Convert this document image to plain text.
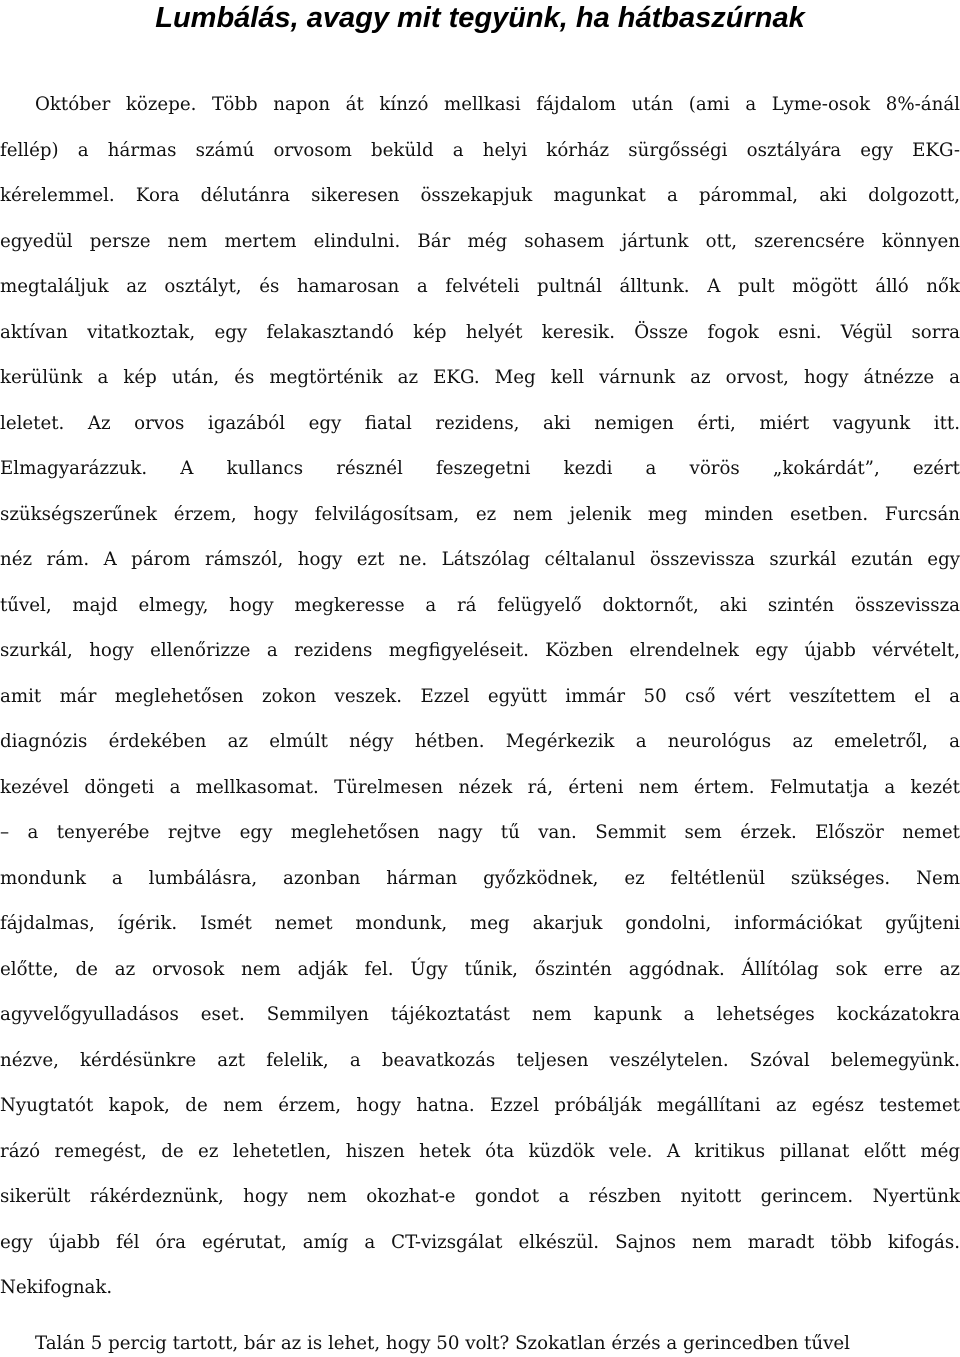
Lumbálás, avagy mit tegyünk, ha hátbaszúrnak
Október közepe. Több napon át kínzó mellkasi fájdalom után (ami a Lyme-osok 8%-ánál
fellép) a hármas számú orvosom beküld a helyi kórház sürgősségi osztályára egy EKG-
kérelemmel. Kora délutánra sikeresen összekapjuk magunkat a párommal, aki dolgozott,
egyedül persze nem mertem elindulni. Bár még sohasem jártunk ott, szerencsére könnyen
megtaláljuk az osztályt, és hamarosan a felvételi pultnál álltunk. A pult mögött álló nők
aktívan vitatkoztak, egy felakasztandó kép helyét keresik. Össze fogok esni. Végül sorra
kerülünk a kép után, és megtörténik az EKG. Meg kell várnunk az orvost, hogy átnézze a
leletet. Az orvos igazából egy fiatal rezidens, aki nemigen érti, miért vagyunk itt.
Elmagyarázzuk. A kullancs résznél feszegetni kezdi a vörös „kokárdát”, ezért
szükségszerűnek érzem, hogy felvilágosítsam, ez nem jelenik meg minden esetben. Furcsán
néz rám. A párom rámszól, hogy ezt ne. Látszólag céltalanul összevissza szurkál ezután egy
tűvel, majd elmegy, hogy megkeresse a rá felügyelő doktornőt, aki szintén összevissza
szurkál, hogy ellenőrizze a rezidens megfigyeléseit. Közben elrendelnek egy újabb vérvételt,
amit már meglehetősen zokon veszek. Ezzel együtt immár 50 cső vért veszítettem el a
diagnózis érdekében az elmúlt négy hétben. Megérkezik a neurológus az emeletről, a
kezével döngeti a mellkasomat. Türelmesen nézek rá, érteni nem értem. Felmutatja a kezét
– a tenyerébe rejtve egy meglehetősen nagy tű van. Semmit sem érzek. Először nemet
mondunk a lumbálásra, azonban hárman győzködnek, ez feltétlenül szükséges. Nem
fájdalmas, ígérik. Ismét nemet mondunk, meg akarjuk gondolni, információkat gyűjteni
előtte, de az orvosok nem adják fel. Úgy tűnik, őszintén aggódnak. Állítólag sok erre az
agyvelőgyulladásos eset. Semmilyen tájékoztatást nem kapunk a lehetséges kockázatokra
nézve, kérdésünkre azt felelik, a beavatkozás teljesen veszélytelen. Szóval belemegyünk.
Nyugtatót kapok, de nem érzem, hogy hatna. Ezzel próbálják megállítani az egész testemet
rázó remegést, de ez lehetetlen, hiszen hetek óta küzdök vele. A kritikus pillanat előtt még
sikerült rákérdeznünk, hogy nem okozhat-e gondot a részben nyitott gerincem. Nyertünk
egy újabb fél óra egérutat, amíg a CT-vizsgálat elkészül. Sajnos nem maradt több kifogás.
Nekifognak.
Talán 5 percig tartott, bár az is lehet, hogy 50 volt? Szokatlan érzés a gerincedben tűvel
